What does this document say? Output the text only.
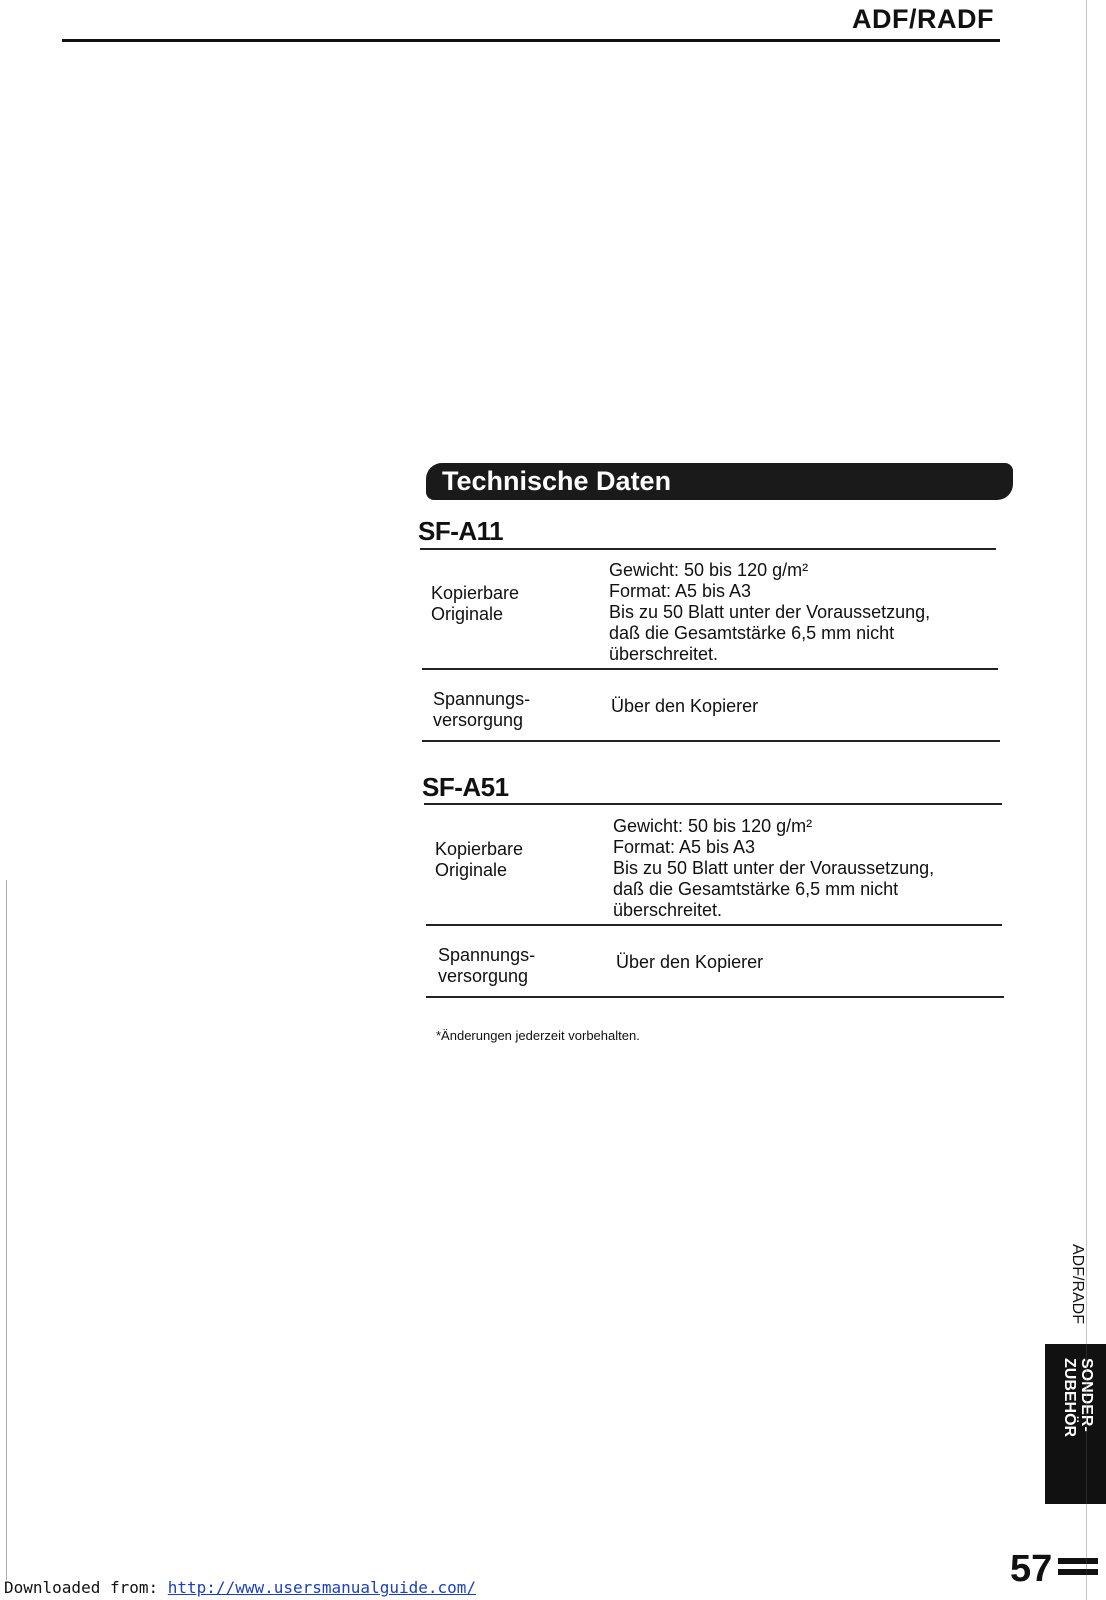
ADF/RADF
Technische Daten
SF-A11
Kopierbare
Originale
Gewicht: 50 bis 120 g/m²
Format: A5 bis A3
Bis zu 50 Blatt unter der Voraussetzung,
daß die Gesamtstärke 6,5 mm nicht
überschreitet.
Spannungs-
versorgung
Über den Kopierer
SF-A51
Kopierbare
Originale
Gewicht: 50 bis 120 g/m²
Format: A5 bis A3
Bis zu 50 Blatt unter der Voraussetzung,
daß die Gesamtstärke 6,5 mm nicht
überschreitet.
Spannungs-
versorgung
Über den Kopierer
*Änderungen jederzeit vorbehalten.
ADF/RADF
SONDER-
ZUBEHÖR
57
Downloaded from: http://www.usersmanualguide.com/
